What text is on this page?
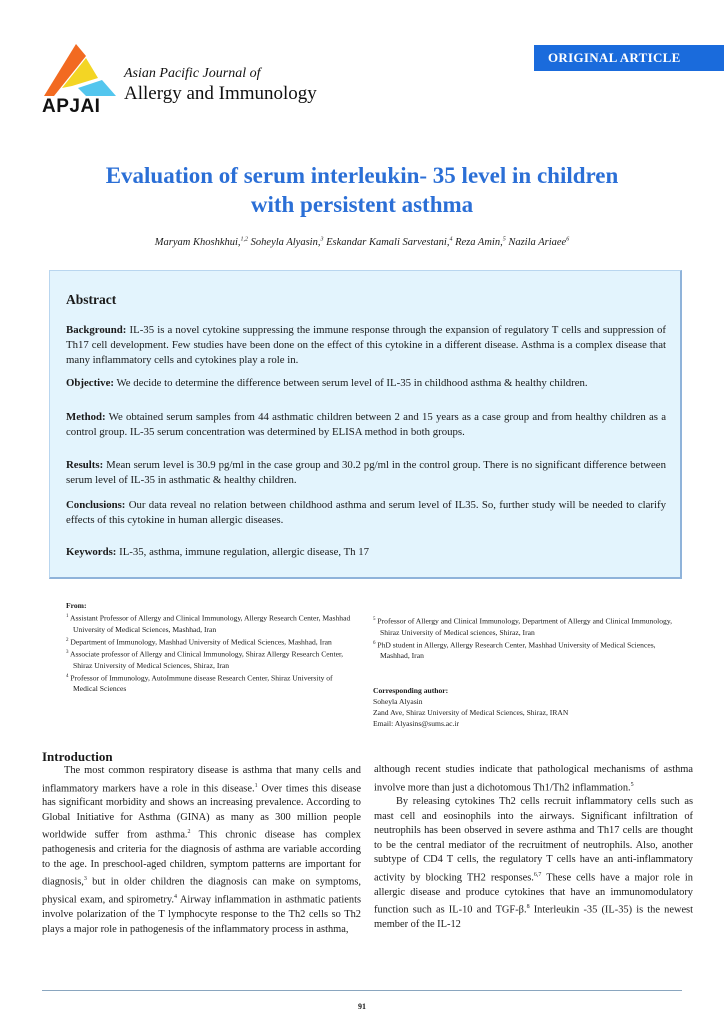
APJAI
Asian Pacific Journal of
Allergy and Immunology
ORIGINAL ARTICLE
Evaluation of serum interleukin- 35 level in children
with persistent asthma
Maryam Khoshkhui,$^{1,2}$ Soheyla Alyasin,$^3$ Eskandar Kamali Sarvestani,$^4$ Reza Amin,$^5$ Nazila Ariaee$^6$
Abstract
Background: IL-35 is a novel cytokine suppressing the immune response through the expansion of regulatory T cells and suppression of Th17 cell development. Few studies have been done on the effect of this cytokine in a different disease. Asthma is a complex disease that many inflammatory cells and cytokines play a role in.
Objective: We decide to determine the difference between serum level of IL-35 in childhood asthma & healthy children.
Method: We obtained serum samples from 44 asthmatic children between 2 and 15 years as a case group and from healthy children as a control group. IL-35 serum concentration was determined by ELISA method in both groups.
Results: Mean serum level is 30.9 pg/ml in the case group and 30.2 pg/ml in the control group. There is no significant difference between serum level of IL-35 in asthmatic & healthy children.
Conclusions: Our data reveal no relation between childhood asthma and serum level of IL35. So, further study will be needed to clarify effects of this cytokine in human allergic diseases.
Keywords: IL-35, asthma, immune regulation, allergic disease, Th 17
From:
$^1$ Assistant Professor of Allergy and Clinical Immunology, Allergy Research Center, Mashhad University of Medical Sciences, Mashhad, Iran
$^2$ Department of Immunology, Mashhad University of Medical Sciences, Mashhad, Iran
$^3$ Associate professor of Allergy and Clinical Immunology, Shiraz Allergy Research Center, Shiraz University of Medical Sciences, Shiraz, Iran
$^4$ Professor of Immunology, AutoImmune disease Research Center, Shiraz University of Medical Sciences
$^5$ Professor of Allergy and Clinical Immunology, Department of Allergy and Clinical Immunology, Shiraz University of Medical sciences, Shiraz, Iran
$^6$ PhD student in Allergy, Allergy Research Center, Mashhad University of Medical Sciences, Mashhad, Iran
Corresponding author:
Soheyla Alyasin
Zand Ave, Shiraz University of Medical Sciences, Shiraz, IRAN
Email: Alyasins@sums.ac.ir
Introduction
The most common respiratory disease is asthma that many cells and inflammatory markers have a role in this disease.$^1$ Over times this disease has significant morbidity and shows an increasing prevalence. According to Global Initiative for Asthma (GINA) as many as 300 million people worldwide suffer from asthma.$^2$ This chronic disease has complex pathogenesis and criteria for the diagnosis of asthma are variable according to the age. In preschool-aged children, symptom patterns are important for diagnosis,$^3$ but in older children the diagnosis can make on symptoms, physical exam, and spirometry.$^4$ Airway inflammation in asthmatic patients involve polarization of the T lymphocyte response to the Th2 cells so Th2 plays a major role in pathogenesis of the inflammatory process in asthma,
although recent studies indicate that pathological mechanisms of asthma involve more than just a dichotomous Th1/Th2 inflammation.$^5$
By releasing cytokines Th2 cells recruit inflammatory cells such as mast cell and eosinophils into the airways. Significant infiltration of neutrophils has been observed in severe asthma and Th17 cells are thought to be the central mediator of the recruitment of neutrophils. Also, another subtype of CD4 T cells, the regulatory T cells have an anti-inflammatory activity by blocking TH2 responses.$^{6,7}$ These cells have a major role in allergic disease and produce cytokines that have an immunomodulatory function such as IL-10 and TGF-β.$^8$ Interleukin -35 (IL-35) is the newest member of the IL-12
91
